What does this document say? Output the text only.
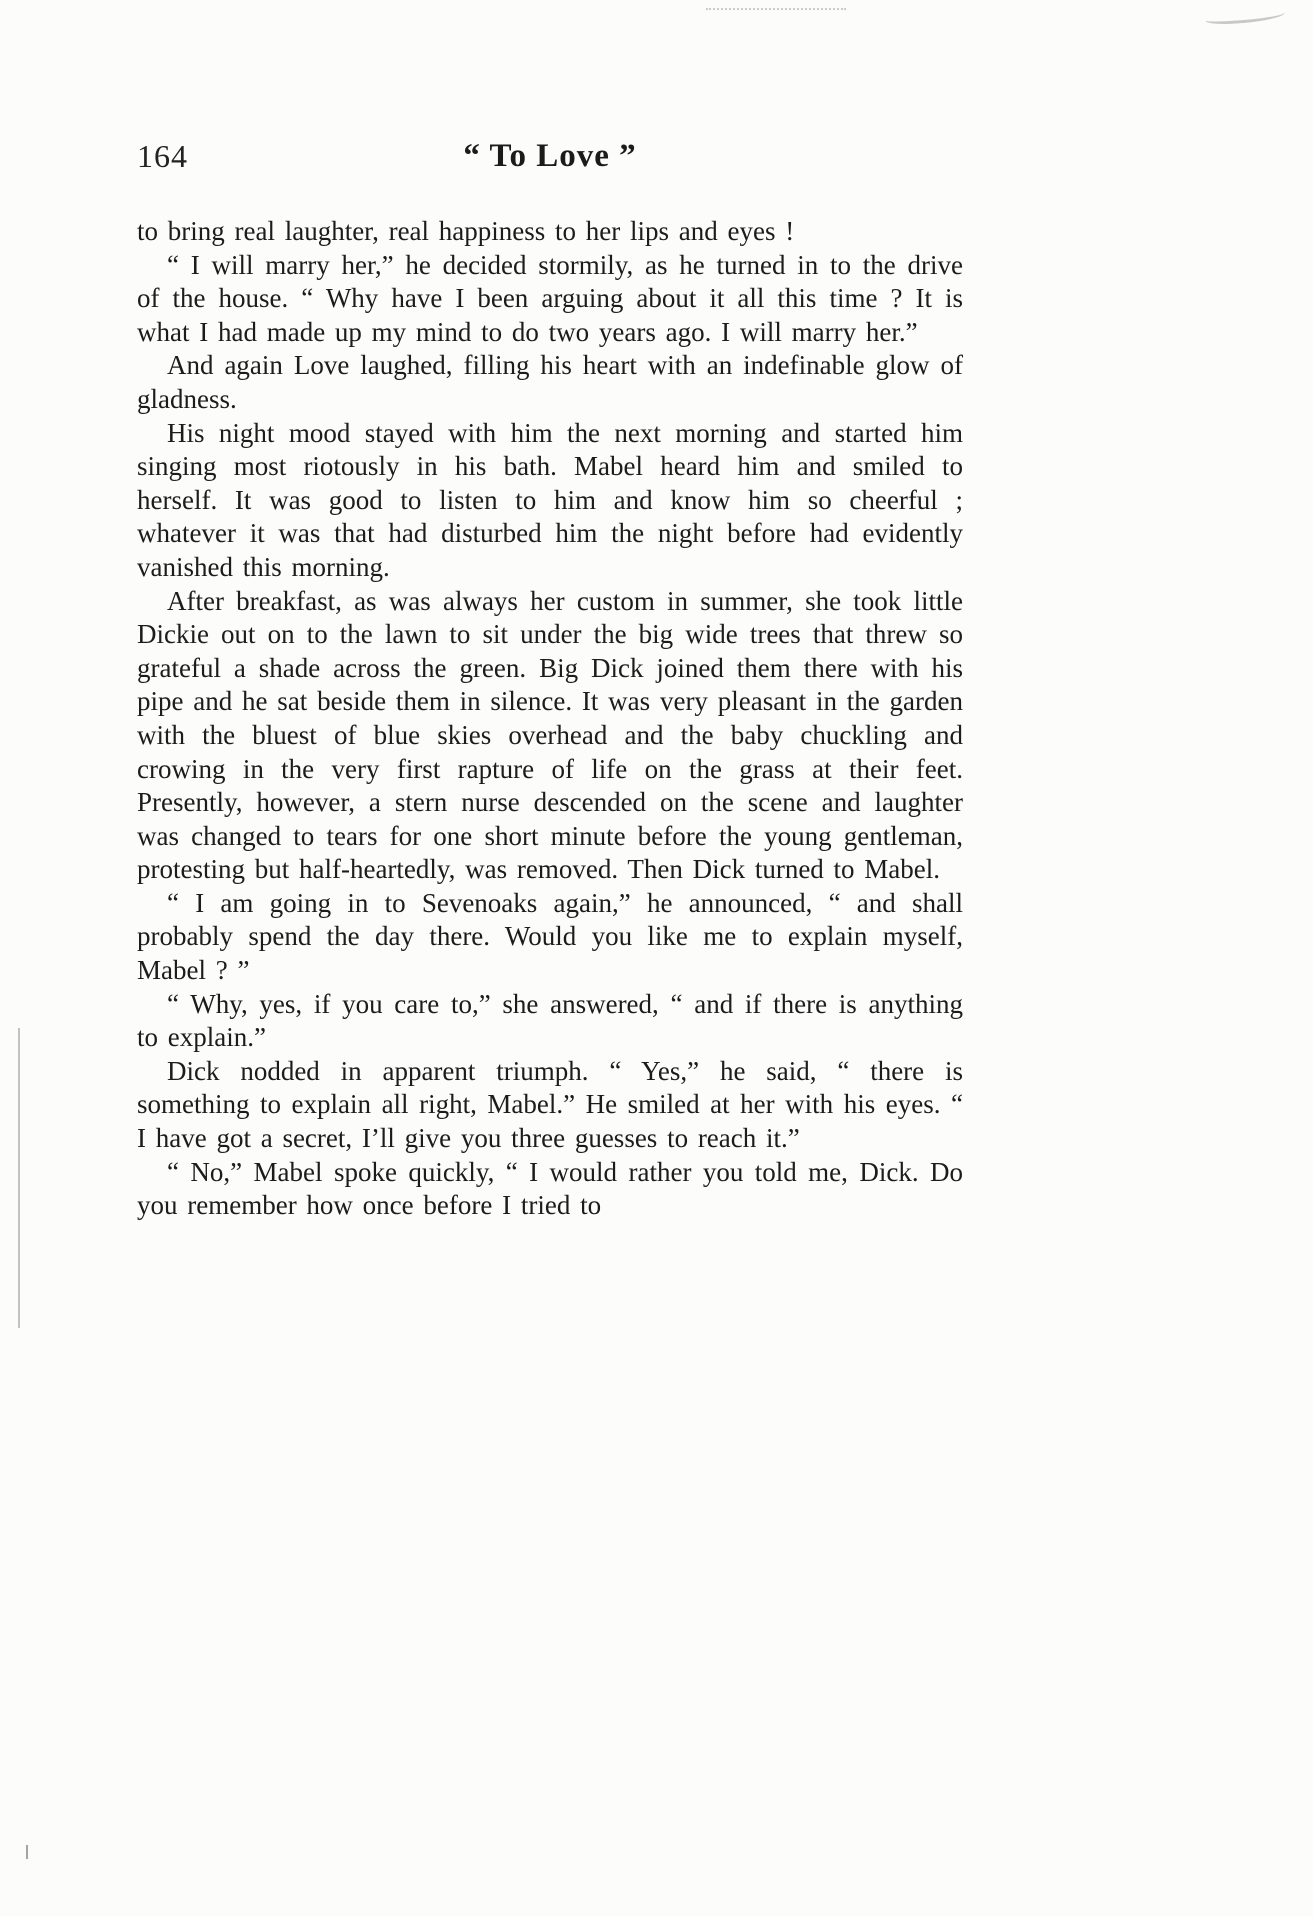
164	“ To Love ”

to bring real laughter, real happiness to her lips and eyes !

“ I will marry her,” he decided stormily, as he turned in to the drive of the house. “ Why have I been arguing about it all this time ? It is what I had made up my mind to do two years ago. I will marry her.”

And again Love laughed, filling his heart with an indefinable glow of gladness.

His night mood stayed with him the next morning and started him singing most riotously in his bath. Mabel heard him and smiled to herself. It was good to listen to him and know him so cheerful ; whatever it was that had disturbed him the night before had evidently vanished this morning.

After breakfast, as was always her custom in summer, she took little Dickie out on to the lawn to sit under the big wide trees that threw so grateful a shade across the green. Big Dick joined them there with his pipe and he sat beside them in silence. It was very pleasant in the garden with the bluest of blue skies overhead and the baby chuckling and crowing in the very first rapture of life on the grass at their feet. Presently, however, a stern nurse descended on the scene and laughter was changed to tears for one short minute before the young gentleman, protesting but half-heartedly, was removed. Then Dick turned to Mabel.

“ I am going in to Sevenoaks again,” he announced, “ and shall probably spend the day there. Would you like me to explain myself, Mabel ? ”

“ Why, yes, if you care to,” she answered, “ and if there is anything to explain.”

Dick nodded in apparent triumph. “ Yes,” he said, “ there is something to explain all right, Mabel.” He smiled at her with his eyes. “ I have got a secret, I’ll give you three guesses to reach it.”

“ No,” Mabel spoke quickly, “ I would rather you told me, Dick. Do you remember how once before I tried to
